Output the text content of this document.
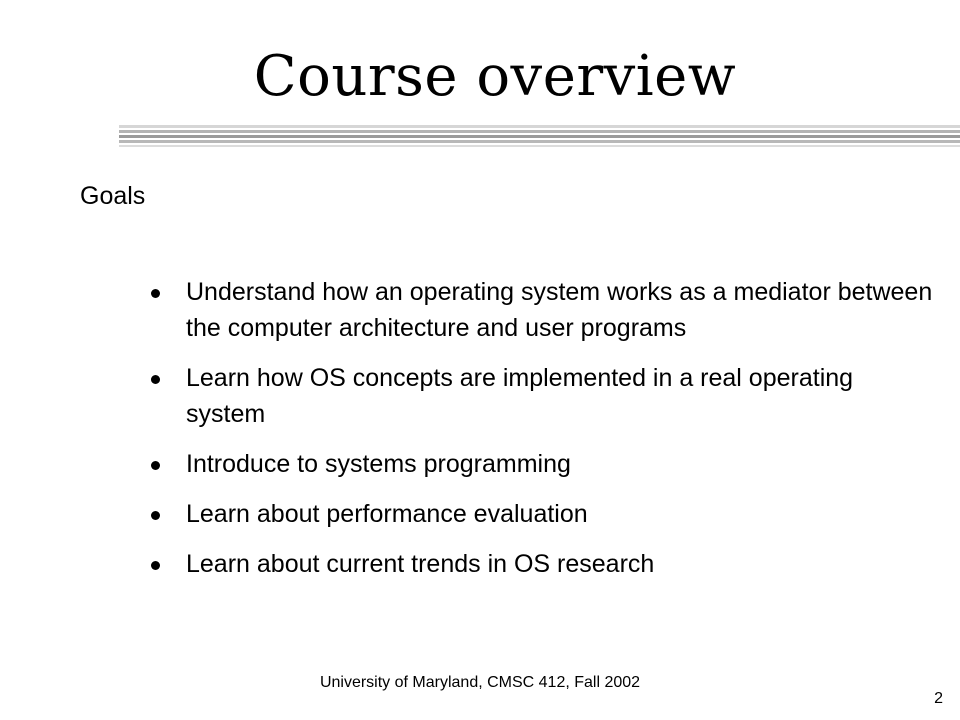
Course overview
Goals
Understand how an operating system works as a mediator between the computer architecture and user programs
Learn how OS concepts are implemented in a real operating system
Introduce to systems programming
Learn about performance evaluation
Learn about current trends in OS research
University of Maryland, CMSC 412, Fall 2002
2
